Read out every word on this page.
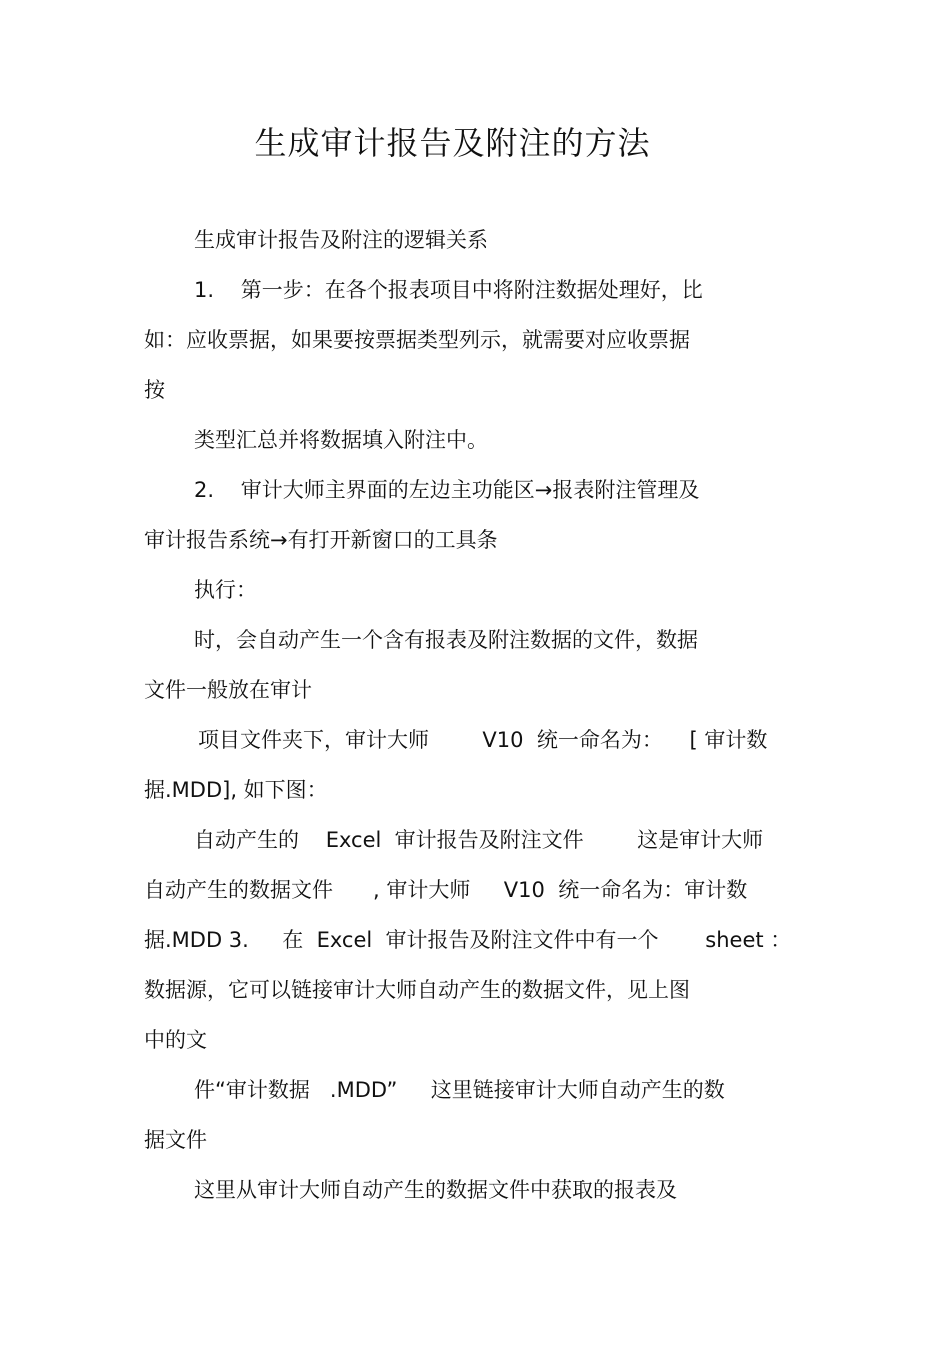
生成审计报告及附注的方法
生成审计报告及附注的逻辑关系
1.    第一步：在各个报表项目中将附注数据处理好，比
如：应收票据，如果要按票据类型列示，就需要对应收票据
按
类型汇总并将数据填入附注中。
2.    审计大师主界面的左边主功能区→报表附注管理及
审计报告系统→有打开新窗口的工具条
执行：
时，会自动产生一个含有报表及附注数据的文件，数据
文件一般放在审计
项目文件夹下，审计大师        V10  统一命名为：    [ 审计数
据.MDD], 如下图：
自动产生的    Excel  审计报告及附注文件        这是审计大师
自动产生的数据文件      , 审计大师     V10  统一命名为：审计数
据.MDD 3.     在  Excel  审计报告及附注文件中有一个       sheet ：
数据源，它可以链接审计大师自动产生的数据文件，见上图
中的文
件“审计数据   .MDD”     这里链接审计大师自动产生的数
据文件
这里从审计大师自动产生的数据文件中获取的报表及
